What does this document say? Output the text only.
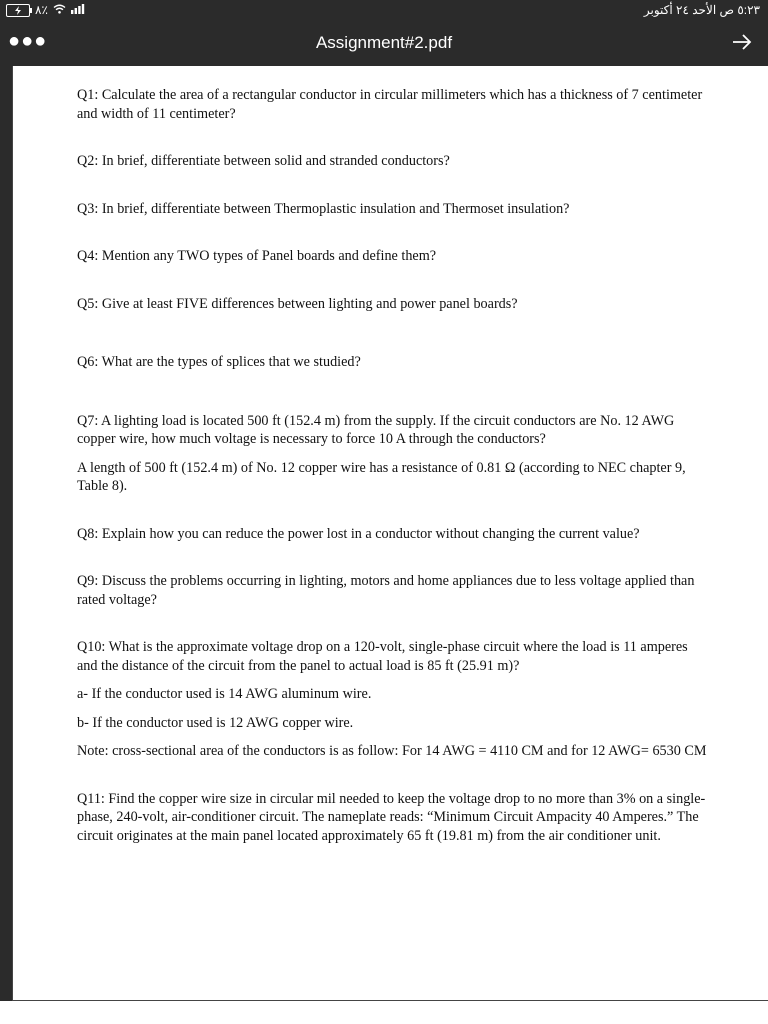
٨٪	٥:٢٣ ص الأحد ٢٤ أكتوبر
●●●	Assignment#2.pdf

Q1: Calculate the area of a rectangular conductor in circular millimeters which has a thickness of 7 centimeter and width of 11 centimeter?

Q2: In brief, differentiate between solid and stranded conductors?

Q3: In brief, differentiate between Thermoplastic insulation and Thermoset insulation?

Q4: Mention any TWO types of Panel boards and define them?

Q5: Give at least FIVE differences between lighting and power panel boards?

Q6: What are the types of splices that we studied?

Q7: A lighting load is located 500 ft (152.4 m) from the supply. If the circuit conductors are No. 12 AWG copper wire, how much voltage is necessary to force 10 A through the conductors?

A length of 500 ft (152.4 m) of No. 12 copper wire has a resistance of 0.81 Ω (according to NEC chapter 9, Table 8).

Q8: Explain how you can reduce the power lost in a conductor without changing the current value?

Q9: Discuss the problems occurring in lighting, motors and home appliances due to less voltage applied than rated voltage?

Q10: What is the approximate voltage drop on a 120-volt, single-phase circuit where the load is 11 amperes and the distance of the circuit from the panel to actual load is 85 ft (25.91 m)?

a- If the conductor used is 14 AWG aluminum wire.

b- If the conductor used is 12 AWG copper wire.

Note: cross-sectional area of the conductors is as follow: For 14 AWG = 4110 CM and for 12 AWG= 6530 CM

Q11: Find the copper wire size in circular mil needed to keep the voltage drop to no more than 3% on a single-phase, 240-volt, air-conditioner circuit. The nameplate reads: “Minimum Circuit Ampacity 40 Amperes.” The circuit originates at the main panel located approximately 65 ft (19.81 m) from the air conditioner unit.
